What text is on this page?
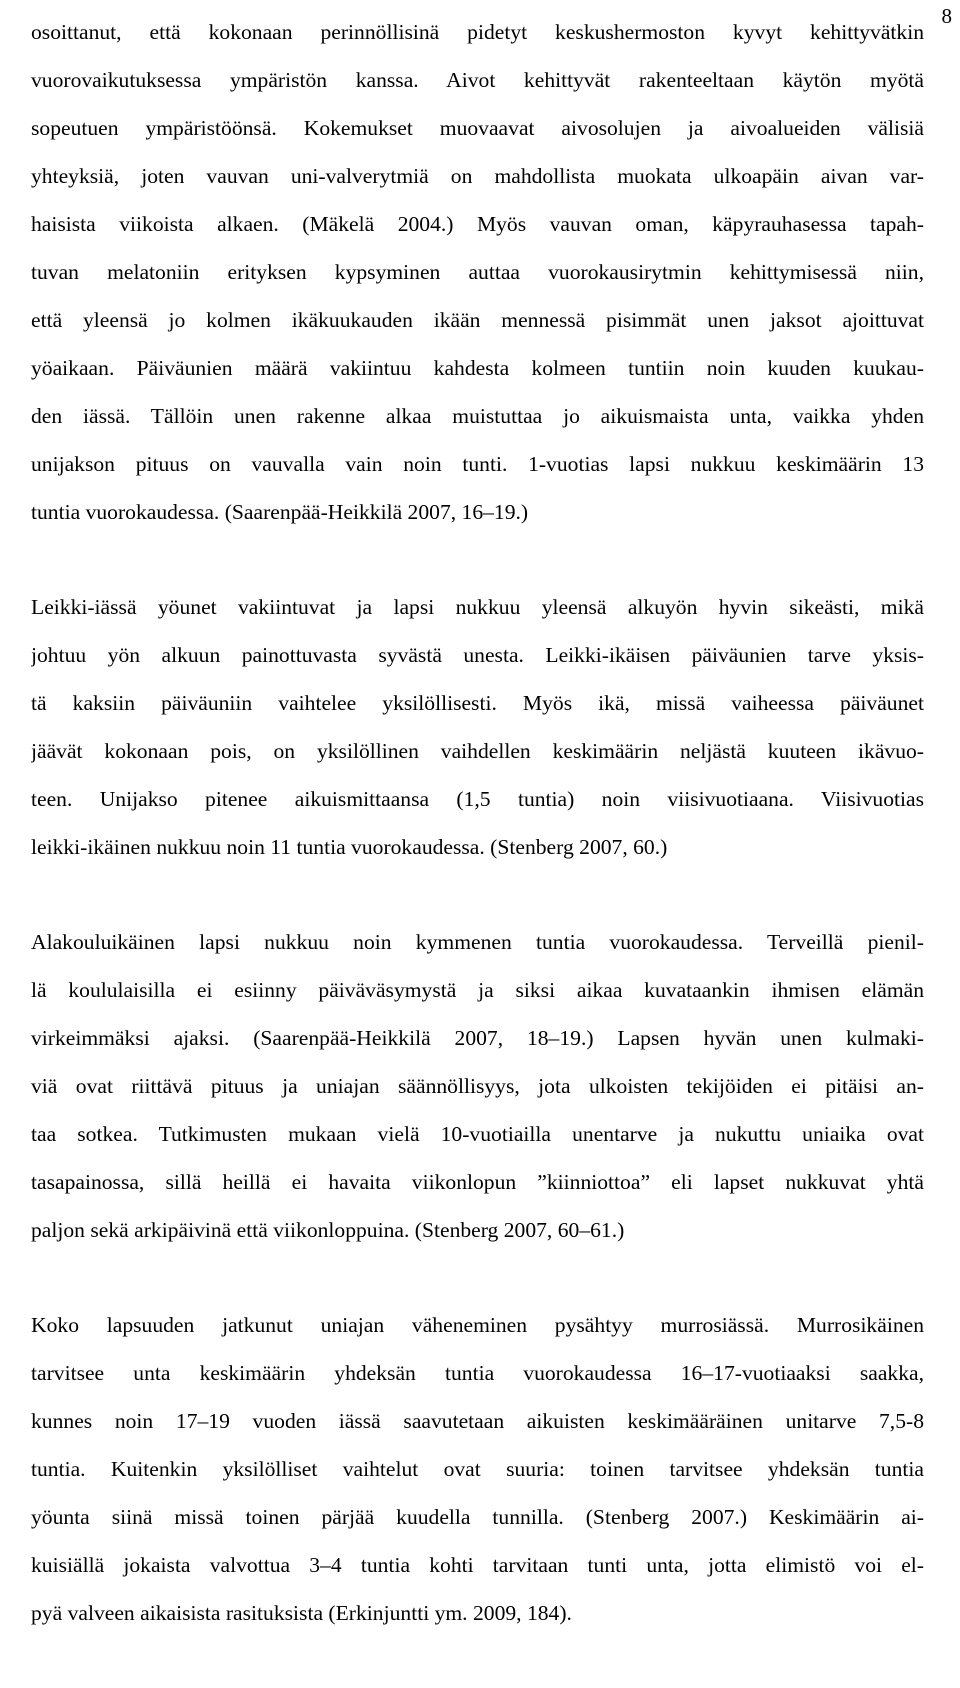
8
osoittanut, että kokonaan perinnöllisinä pidetyt keskushermoston kyvyt kehittyvätkin
vuorovaikutuksessa ympäristön kanssa. Aivot kehittyvät rakenteeltaan käytön myötä
sopeutuen ympäristöönsä. Kokemukset muovaavat aivosolujen ja aivoalueiden välisiä
yhteyksiä, joten vauvan uni-valverytmiä on mahdollista muokata ulkoapäin aivan var-
haisista viikoista alkaen. (Mäkelä 2004.) Myös vauvan oman, käpyrauhasessa tapah-
tuvan melatoniin erityksen kypsyminen auttaa vuorokausirytmin kehittymisessä niin,
että yleensä jo kolmen ikäkuukauden ikään mennessä pisimmät unen jaksot ajoittuvat
yöaikaan. Päiväunien määrä vakiintuu kahdesta kolmeen tuntiin noin kuuden kuukau-
den iässä. Tällöin unen rakenne alkaa muistuttaa jo aikuismaista unta, vaikka yhden
unijakson pituus on vauvalla vain noin tunti. 1-vuotias lapsi nukkuu keskimäärin 13
tuntia vuorokaudessa. (Saarenpää-Heikkilä 2007, 16–19.)
Leikki-iässä yöunet vakiintuvat ja lapsi nukkuu yleensä alkuyön hyvin sikeästi, mikä
johtuu yön alkuun painottuvasta syvästä unesta. Leikki-ikäisen päiväunien tarve yksis-
tä kaksiin päiväuniin vaihtelee yksilöllisesti. Myös ikä, missä vaiheessa päiväunet
jäävät kokonaan pois, on yksilöllinen vaihdellen keskimäärin neljästä kuuteen ikävuo-
teen. Unijakso pitenee aikuismittaansa (1,5 tuntia) noin viisivuotiaana. Viisivuotias
leikki-ikäinen nukkuu noin 11 tuntia vuorokaudessa. (Stenberg 2007, 60.)
Alakouluikäinen lapsi nukkuu noin kymmenen tuntia vuorokaudessa. Terveillä pienil-
lä koululaisilla ei esiinny päiväväsymystä ja siksi aikaa kuvataankin ihmisen elämän
virkeimmäksi ajaksi. (Saarenpää-Heikkilä 2007, 18–19.) Lapsen hyvän unen kulmaki-
viä ovat riittävä pituus ja uniajan säännöllisyys, jota ulkoisten tekijöiden ei pitäisi an-
taa sotkea. Tutkimusten mukaan vielä 10-vuotiailla unentarve ja nukuttu uniaika ovat
tasapainossa, sillä heillä ei havaita viikonlopun ”kiinniottoa” eli lapset nukkuvat yhtä
paljon sekä arkipäivinä että viikonloppuina. (Stenberg 2007, 60–61.)
Koko lapsuuden jatkunut uniajan väheneminen pysähtyy murrosiässä. Murrosikäinen
tarvitsee unta keskimäärin yhdeksän tuntia vuorokaudessa 16–17-vuotiaaksi saakka,
kunnes noin 17–19 vuoden iässä saavutetaan aikuisten keskimääräinen unitarve 7,5-8
tuntia. Kuitenkin yksilölliset vaihtelut ovat suuria: toinen tarvitsee yhdeksän tuntia
yöunta siinä missä toinen pärjää kuudella tunnilla. (Stenberg 2007.) Keskimäärin ai-
kuisiällä jokaista valvottua 3–4 tuntia kohti tarvitaan tunti unta, jotta elimistö voi el-
pyä valveen aikaisista rasituksista (Erkinjuntti ym. 2009, 184).
